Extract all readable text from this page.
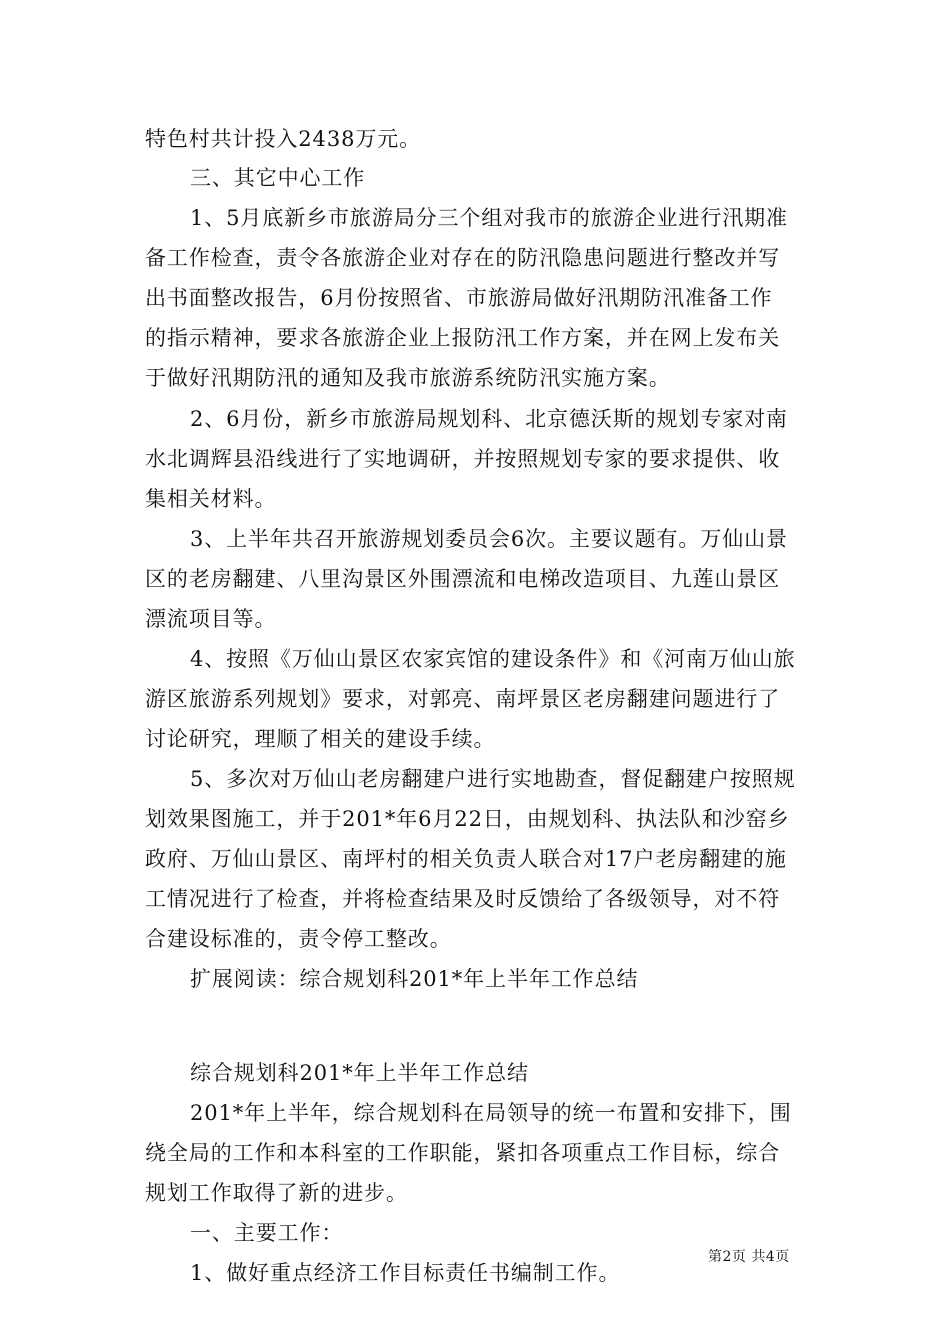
特色村共计投入2438万元。
三、其它中心工作
1、5月底新乡市旅游局分三个组对我市的旅游企业进行汛期准
备工作检查，责令各旅游企业对存在的防汛隐患问题进行整改并写
出书面整改报告，6月份按照省、市旅游局做好汛期防汛准备工作
的指示精神，要求各旅游企业上报防汛工作方案，并在网上发布关
于做好汛期防汛的通知及我市旅游系统防汛实施方案。
2、6月份，新乡市旅游局规划科、北京德沃斯的规划专家对南
水北调辉县沿线进行了实地调研，并按照规划专家的要求提供、收
集相关材料。
3、上半年共召开旅游规划委员会6次。主要议题有。万仙山景
区的老房翻建、八里沟景区外围漂流和电梯改造项目、九莲山景区
漂流项目等。
4、按照《万仙山景区农家宾馆的建设条件》和《河南万仙山旅
游区旅游系列规划》要求，对郭亮、南坪景区老房翻建问题进行了
讨论研究，理顺了相关的建设手续。
5、多次对万仙山老房翻建户进行实地勘查，督促翻建户按照规
划效果图施工，并于201*年6月22日，由规划科、执法队和沙窑乡
政府、万仙山景区、南坪村的相关负责人联合对17户老房翻建的施
工情况进行了检查，并将检查结果及时反馈给了各级领导，对不符
合建设标准的，责令停工整改。
扩展阅读：综合规划科201*年上半年工作总结
综合规划科201*年上半年工作总结
201*年上半年，综合规划科在局领导的统一布置和安排下，围
绕全局的工作和本科室的工作职能，紧扣各项重点工作目标，综合
规划工作取得了新的进步。
一、主要工作：
1、做好重点经济工作目标责任书编制工作。
第2页 共4页
